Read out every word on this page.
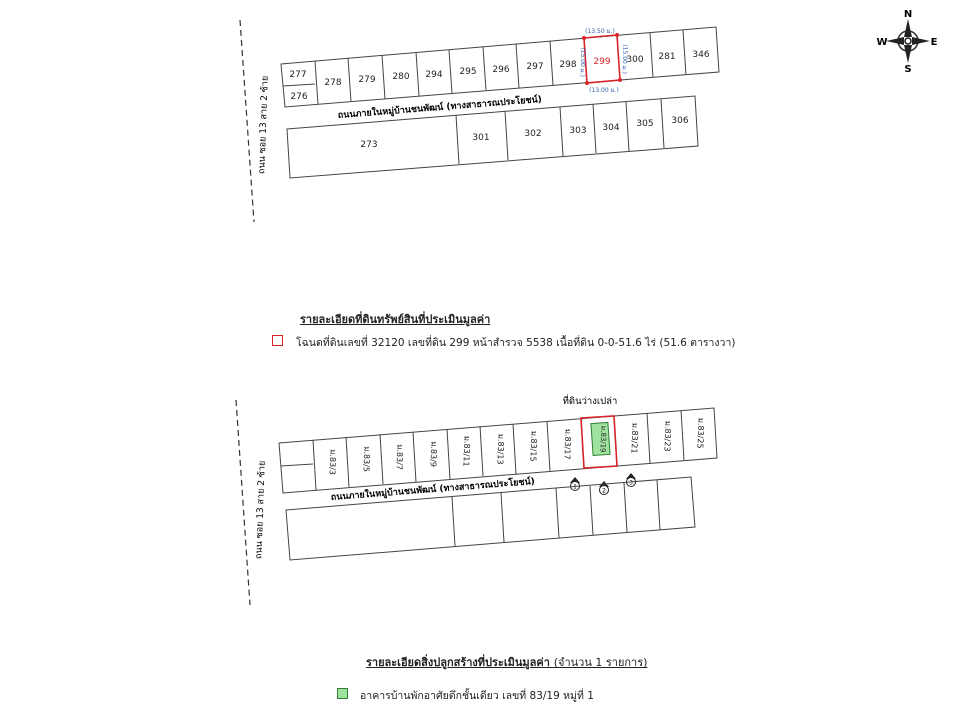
N
S
E
W
ถนน ซอย 13 สาย 2 ซ้าย
(13.50 ม.)
(13.00 ม.)
(15.00 ม.)	(15.00 ม.)
277
276
278 279 280 294 295 296 297 298 299 300 281 346
ถนนภายในหมู่บ้านชนพัฒน์ (ทางสาธารณประโยชน์)
273
301	302	303 304 305 306
ถนน ซอย 13 สาย 2 ซ้าย
ที่ดินว่างเปล่า
ม.83/3	ม.83/5	ม.83/7	ม.83/9	ม.83/11	ม.83/13	ม.83/15	ม.83/17	ม.83/19	ม.83/21	ม.83/23	ม.83/25
ถนนภายในหมู่บ้านชนพัฒน์ (ทางสาธารณประโยชน์)	1
2
3
รายละเอียดที่ดินทรัพย์สินที่ประเมินมูลค่า
โฉนดที่ดินเลขที่ 32120 เลขที่ดิน 299 หน้าสำรวจ 5538 เนื้อที่ดิน 0-0-51.6 ไร่ (51.6 ตารางวา)
รายละเอียดสิ่งปลูกสร้างที่ประเมินมูลค่า (จำนวน 1 รายการ)
อาคารบ้านพักอาศัยตึกชั้นเดียว เลขที่ 83/19 หมู่ที่ 1
